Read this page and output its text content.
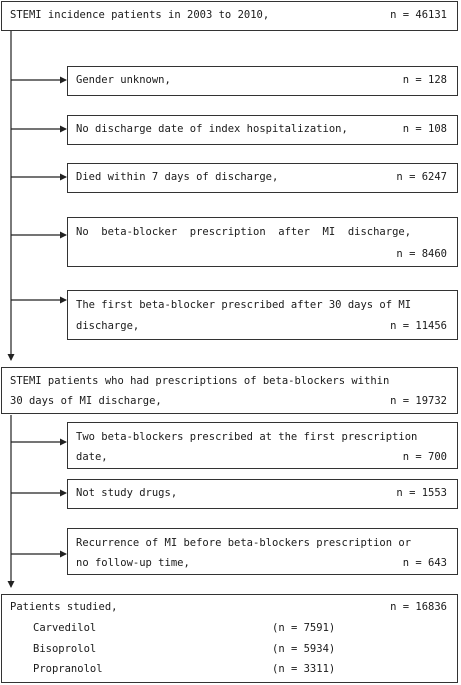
STEMI incidence patients in 2003 to 2010,	n = 46131
Gender unknown,	n = 128
No discharge date of index hospitalization,	n = 108
Died within 7 days of discharge,	n = 6247
No  beta-blocker  prescription  after  MI  discharge,
n = 8460
The first beta-blocker prescribed after 30 days of MI
discharge,	n = 11456
STEMI patients who had prescriptions of beta-blockers within
30 days of MI discharge,	n = 19732
Two beta-blockers prescribed at the first prescription
date,	n = 700
Not study drugs,	n = 1553
Recurrence of MI before beta-blockers prescription or
no follow-up time,	n = 643
Patients studied,	n = 16836
Carvedilol	(n = 7591)
Bisoprolol	(n = 5934)
Propranolol	(n = 3311)
